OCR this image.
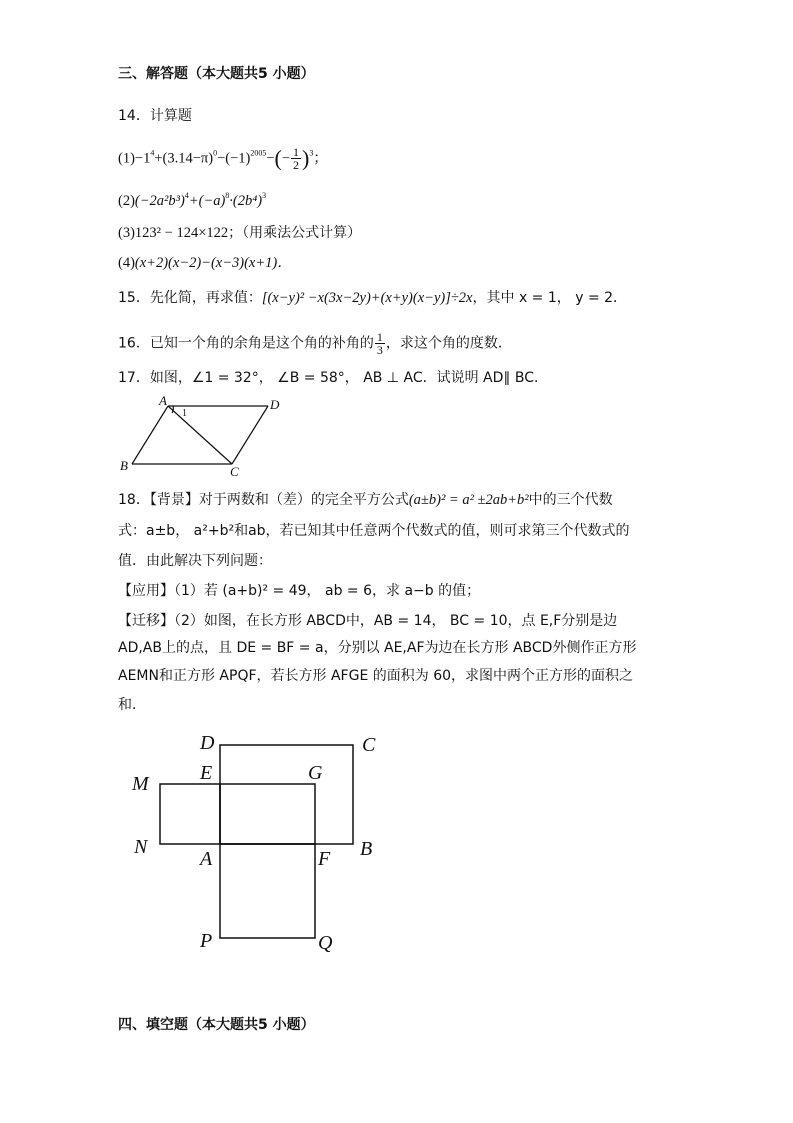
三、解答题（本大题共5 小题）
14．计算题
$(1)-1^4+(3.14-\pi)^0-(-1)^{2005}-(- \frac{1}{2} )^3$；
$(2)(-2a^2b^3)^4+(-a)^8\cdot(2b^4)^3$
(3)123² − 124×122；（用乘法公式计算）
(4)(x+2)(x−2)−(x−3)(x+1)．
15．先化简，再求值：[(x−y)² −x(3x−2y)+(x+y)(x−y)]÷2x，其中 x = 1， y = 2．
16．已知一个角的余角是这个角的补角的 $\frac{1}{3}$ ，求这个角的度数．
17．如图，∠1 = 32°， ∠B = 58°， AB ⊥ AC．试说明 AD∥ BC．
A	D
B	C
1
18．【背景】对于两数和（差）的完全平方公式(a±b)² = a² ±2ab+b²中的三个代数
式：a±b， a²+b²和ab，若已知其中任意两个代数式的值，则可求第三个代数式的
值．由此解决下列问题：
【应用】（1）若 (a+b)² = 49， ab = 6，求 a−b 的值；
【迁移】（2）如图，在长方形 ABCD中，AB = 14， BC = 10，点 E,F分别是边
AD,AB上的点，且 DE = BF = a，分别以 AE,AF为边在长方形 ABCD外侧作正方形
AEMN和正方形 APQF，若长方形 AFGE 的面积为 60，求图中两个正方形的面积之
和．
D	C
E	G
M
N
A	F B
P	Q
四、填空题（本大题共5 小题）
